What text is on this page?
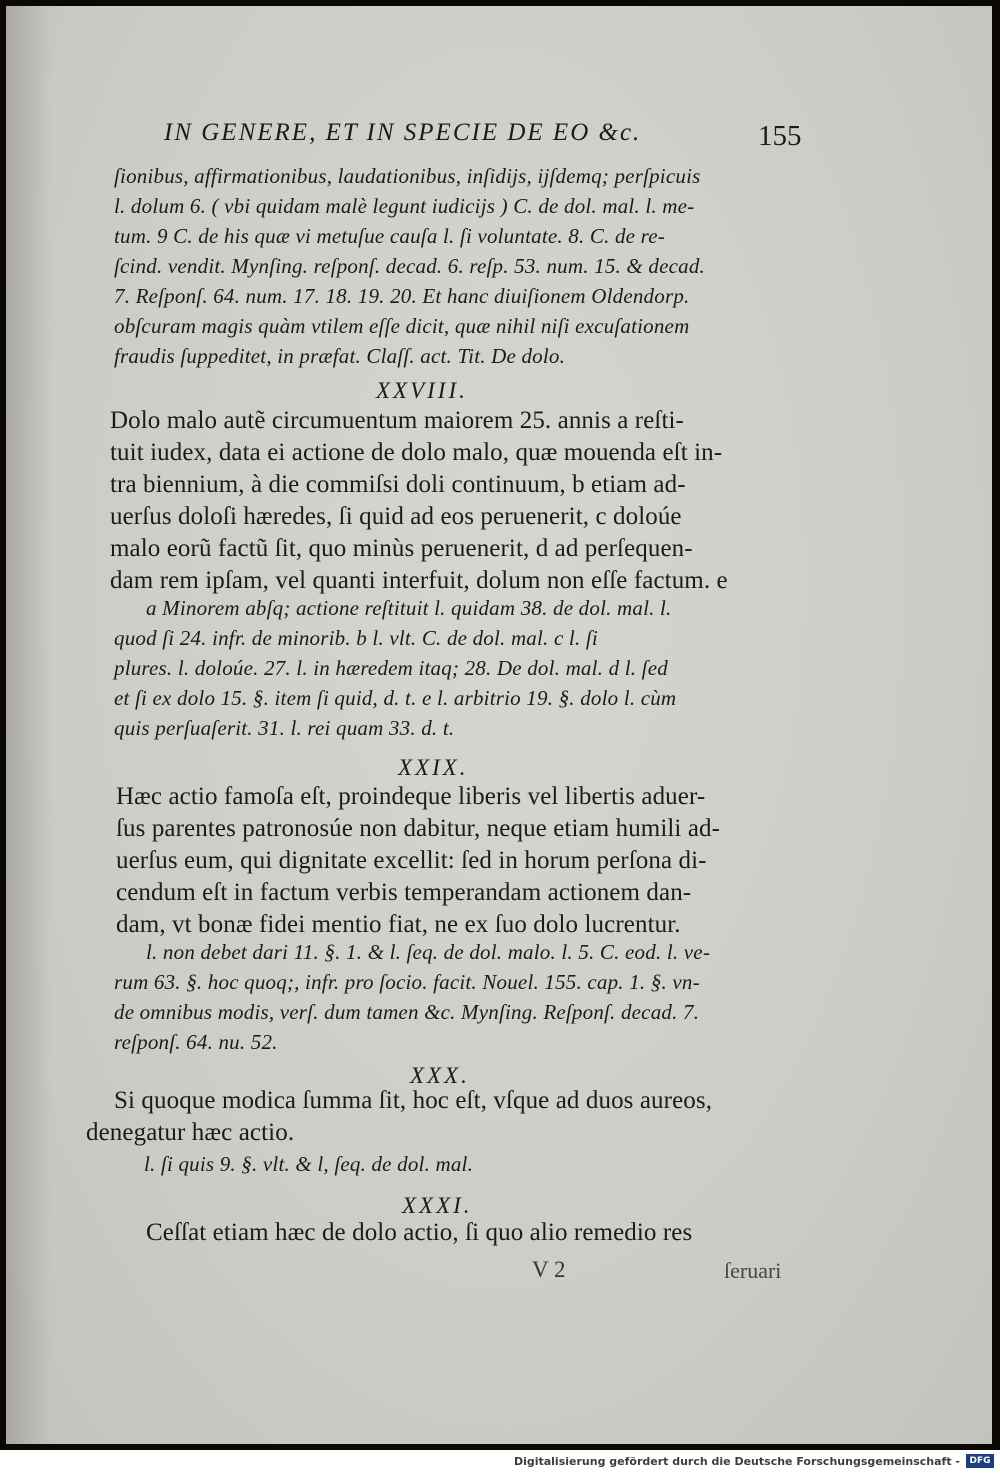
IN GENERE, ET IN SPECIE DE EO &c.	155
ſionibus, affirmationibus, laudationibus, inſidijs, ijſdemq; perſpicuis
l. dolum 6. ( vbi quidam malè legunt iudicijs ) C. de dol. mal. l. me-
tum. 9 C. de his quæ vi metuſue cauſa l. ſi voluntate. 8. C. de re-
ſcind. vendit. Mynſing. reſponſ. decad. 6. reſp. 53. num. 15. & decad.
7. Reſponſ. 64. num. 17. 18. 19. 20. Et hanc diuiſionem Oldendorp.
obſcuram magis quàm vtilem eſſe dicit, quæ nihil niſi excuſationem
fraudis ſuppeditet, in præfat. Claſſ. act. Tit. De dolo.
XXVIII.
Dolo malo autẽ circumuentum maiorem 25. annis a reſti-
tuit iudex, data ei actione de dolo malo, quæ mouenda eſt in-
tra biennium, à die commiſsi doli continuum, b etiam ad-
uerſus doloſi hæredes, ſi quid ad eos peruenerit, c doloúe
malo eorũ factũ ſit, quo minùs peruenerit, d ad perſequen-
dam rem ipſam, vel quanti interfuit, dolum non eſſe factum. e
a Minorem abſq; actione reſtituit l. quidam 38. de dol. mal. l.
quod ſi 24. infr. de minorib. b l. vlt. C. de dol. mal. c l. ſi
plures. l. doloúe. 27. l. in hæredem itaq; 28. De dol. mal. d l. ſed
et ſi ex dolo 15. §. item ſi quid, d. t. e l. arbitrio 19. §. dolo l. cùm
quis perſuaſerit. 31. l. rei quam 33. d. t.
XXIX.
Hæc actio famoſa eſt, proindeque liberis vel libertis aduer-
ſus parentes patronosúe non dabitur, neque etiam humili ad-
uerſus eum, qui dignitate excellit: ſed in horum perſona di-
cendum eſt in factum verbis temperandam actionem dan-
dam, vt bonæ fidei mentio fiat, ne ex ſuo dolo lucrentur.
l. non debet dari 11. §. 1. & l. ſeq. de dol. malo. l. 5. C. eod. l. ve-
rum 63. §. hoc quoq;, infr. pro ſocio. facit. Nouel. 155. cap. 1. §. vn-
de omnibus modis, verſ. dum tamen &c. Mynſing. Reſponſ. decad. 7.
reſponſ. 64. nu. 52.
XXX.
Si quoque modica ſumma ſit, hoc eſt, vſque ad duos aureos,
denegatur hæc actio.
l. ſi quis 9. §. vlt. & l, ſeq. de dol. mal.
XXXI.
Ceſſat etiam hæc de dolo actio, ſi quo alio remedio res
V 2	ſeruari
Digitalisierung gefördert durch die Deutsche Forschungsgemeinschaft -	DFG
